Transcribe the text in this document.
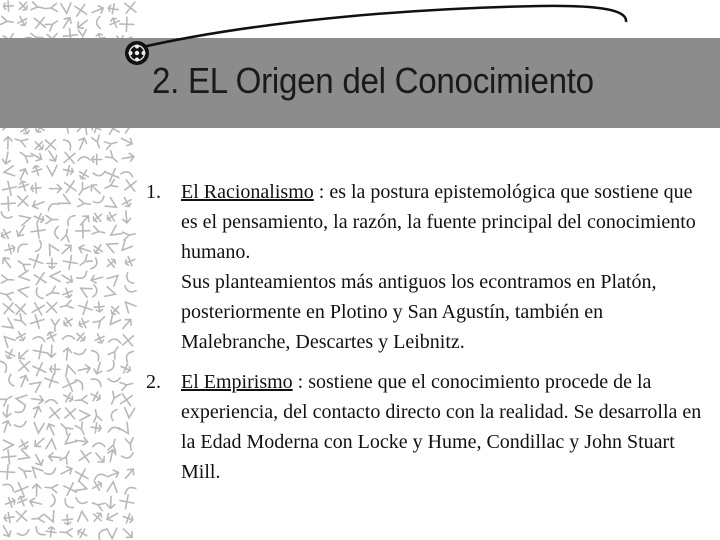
2. EL Origen del Conocimiento
1.	El Racionalismo : es la postura epistemológica que sostiene que es el pensamiento, la razón, la fuente principal del conocimiento humano.

Sus planteamientos más antiguos los econtramos en Platón, posteriormente en Plotino y San Agustín, también en Malebranche, Descartes y Leibnitz.

2.	El Empirismo : sostiene que el conocimiento procede de la experiencia, del contacto directo con la realidad. Se desarrolla en la Edad Moderna con Locke y Hume, Condillac y John Stuart Mill.
